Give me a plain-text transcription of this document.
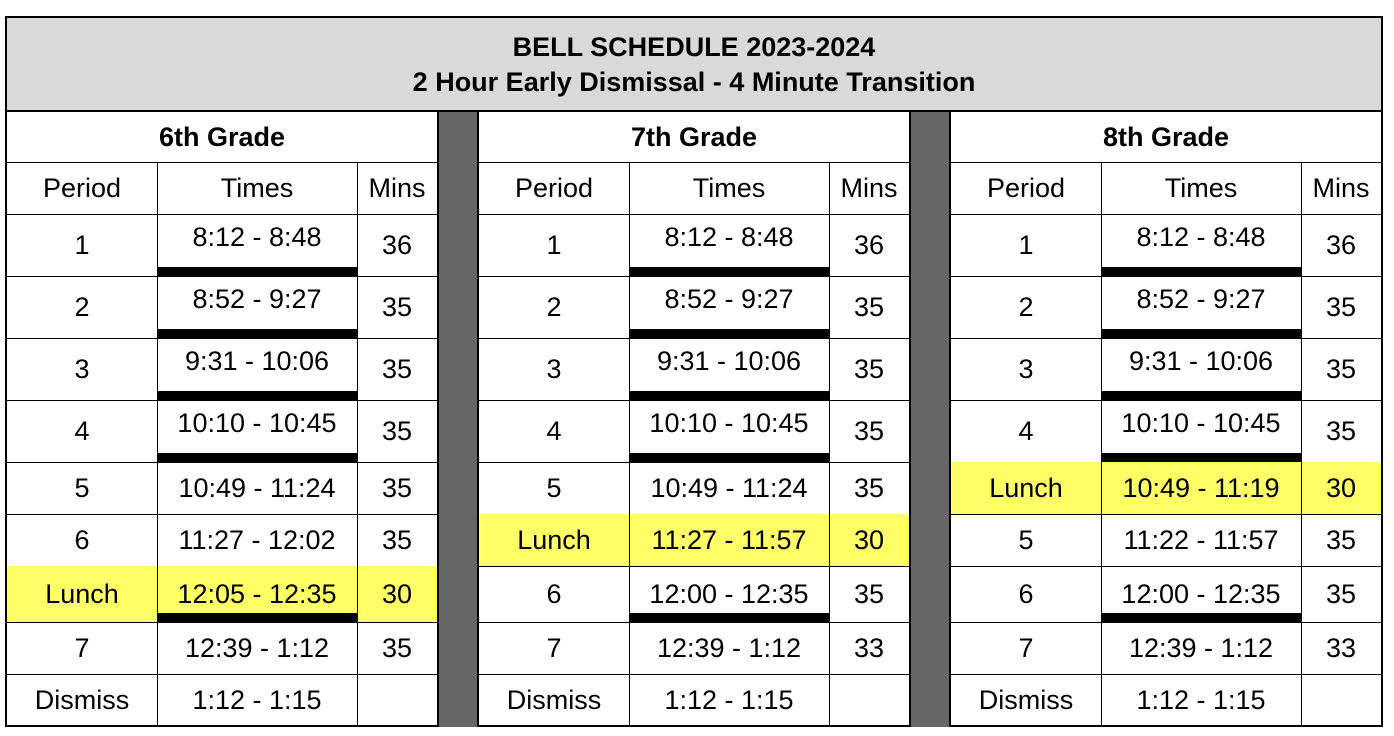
BELL SCHEDULE 2023-2024
2 Hour Early Dismissal - 4 Minute Transition
6th Grade
Period	Times	Mins
1	8:12 - 8:48	36
2	8:52 - 9:27	35
3	9:31 - 10:06	35
4	10:10 - 10:45	35
5	10:49 - 11:24	35
6	11:27 - 12:02	35
Lunch	12:05 - 12:35	30
7	12:39 - 1:12	35
Dismiss	1:12 - 1:15
7th Grade
Period	Times	Mins
1	8:12 - 8:48	36
2	8:52 - 9:27	35
3	9:31 - 10:06	35
4	10:10 - 10:45	35
5	10:49 - 11:24	35
Lunch	11:27 - 11:57	30
6	12:00 - 12:35	35
7	12:39 - 1:12	33
Dismiss	1:12 - 1:15
8th Grade
Period	Times	Mins
1	8:12 - 8:48	36
2	8:52 - 9:27	35
3	9:31 - 10:06	35
4	10:10 - 10:45	35
Lunch	10:49 - 11:19	30
5	11:22 - 11:57	35
6	12:00 - 12:35	35
7	12:39 - 1:12	33
Dismiss	1:12 - 1:15
